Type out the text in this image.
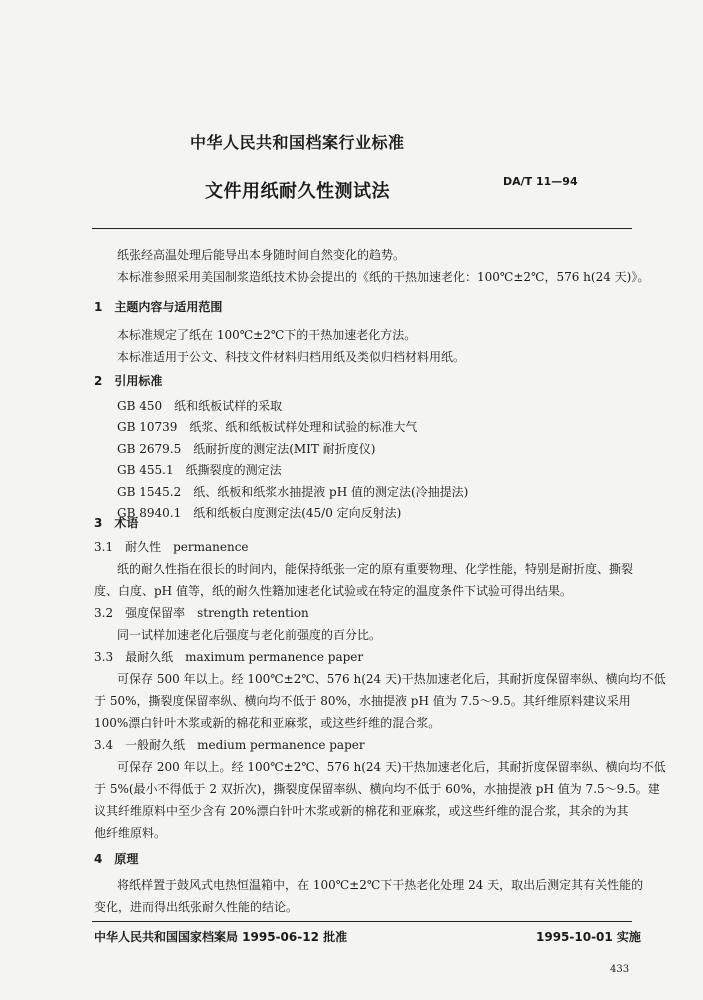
中华人民共和国档案行业标准
文件用纸耐久性测试法	DA/T 11—94
纸张经高温处理后能导出本身随时间自然变化的趋势。
本标准参照采用美国制浆造纸技术协会提出的《纸的干热加速老化：100℃±2℃，576 h(24 天)》。
1　主题内容与适用范围
本标准规定了纸在 100℃±2℃下的干热加速老化方法。
本标准适用于公文、科技文件材料归档用纸及类似归档材料用纸。
2　引用标准
GB 450　纸和纸板试样的采取
GB 10739　纸浆、纸和纸板试样处理和试验的标准大气
GB 2679.5　纸耐折度的测定法(MIT 耐折度仪)
GB 455.1　纸撕裂度的测定法
GB 1545.2　纸、纸板和纸浆水抽提液 pH 值的测定法(冷抽提法)
GB 8940.1　纸和纸板白度测定法(45/0 定向反射法)
3　术语
3.1　耐久性　permanence
纸的耐久性指在很长的时间内，能保持纸张一定的原有重要物理、化学性能，特别是耐折度、撕裂
度、白度、pH 值等，纸的耐久性籍加速老化试验或在特定的温度条件下试验可得出结果。
3.2　强度保留率　strength retention
同一试样加速老化后强度与老化前强度的百分比。
3.3　最耐久纸　maximum permanence paper
可保存 500 年以上。经 100℃±2℃、576 h(24 天)干热加速老化后，其耐折度保留率纵、横向均不低
于 50%，撕裂度保留率纵、横向均不低于 80%，水抽提液 pH 值为 7.5～9.5。其纤维原料建议采用
100%漂白针叶木浆或新的棉花和亚麻浆，或这些纤维的混合浆。
3.4　一般耐久纸　medium permanence paper
可保存 200 年以上。经 100℃±2℃、576 h(24 天)干热加速老化后，其耐折度保留率纵、横向均不低
于 5%(最小不得低于 2 双折次)，撕裂度保留率纵、横向均不低于 60%，水抽提液 pH 值为 7.5～9.5。建
议其纤维原料中至少含有 20%漂白针叶木浆或新的棉花和亚麻浆，或这些纤维的混合浆，其余的为其
他纤维原料。
4　原理
将纸样置于鼓风式电热恒温箱中，在 100℃±2℃下干热老化处理 24 天，取出后测定其有关性能的
变化，进而得出纸张耐久性能的结论。
中华人民共和国国家档案局 1995-06-12 批准	1995-10-01 实施
433
